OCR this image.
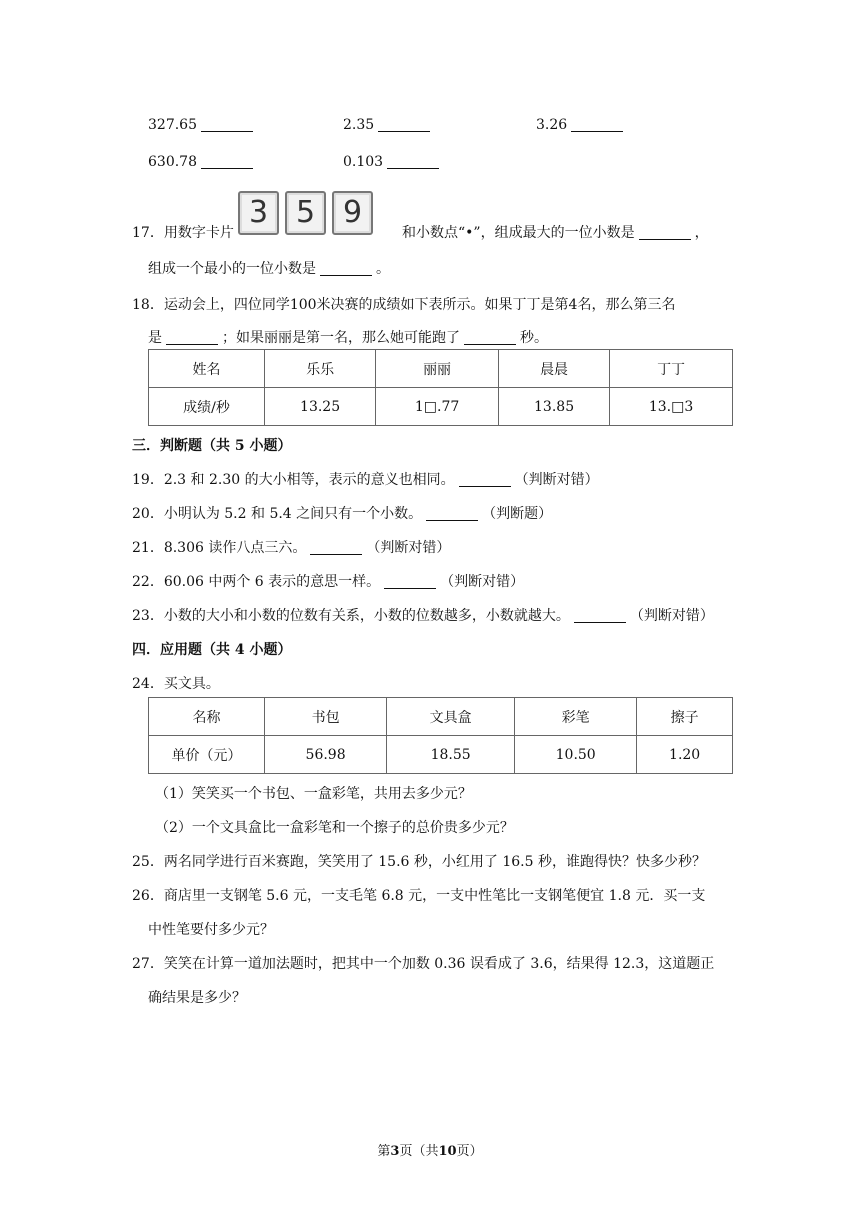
327.65	2.35	3.26
630.78	0.103
17．用数字卡片
3 5 9
和小数点“•”，组成最大的一位小数是	，
组成一个最小的一位小数是	。
18．运动会上，四位同学100米决赛的成绩如下表所示。如果丁丁是第4名，那么第三名
是	；如果丽丽是第一名，那么她可能跑了	秒。
姓名	乐乐	丽丽	晨晨	丁丁
成绩/秒	13.25	1□.77	13.85	13.□3
三．判断题（共 5 小题）
19．2.3 和 2.30 的大小相等，表示的意义也相同。	（判断对错）
20．小明认为 5.2 和 5.4 之间只有一个小数。	（判断题）
21．8.306 读作八点三六。	（判断对错）
22．60.06 中两个 6 表示的意思一样。	（判断对错）
23．小数的大小和小数的位数有关系，小数的位数越多，小数就越大。	（判断对错）
四．应用题（共 4 小题）
24．买文具。
名称	书包	文具盒	彩笔	擦子
单价（元）	56.98	18.55	10.50	1.20
（1）笑笑买一个书包、一盒彩笔，共用去多少元？
（2）一个文具盒比一盒彩笔和一个擦子的总价贵多少元？
25．两名同学进行百米赛跑，笑笑用了 15.6 秒，小红用了 16.5 秒，谁跑得快？快多少秒？
26．商店里一支钢笔 5.6 元，一支毛笔 6.8 元，一支中性笔比一支钢笔便宜 1.8 元．买一支
中性笔要付多少元？
27．笑笑在计算一道加法题时，把其中一个加数 0.36 误看成了 3.6，结果得 12.3，这道题正
确结果是多少？
第3页（共10页）
